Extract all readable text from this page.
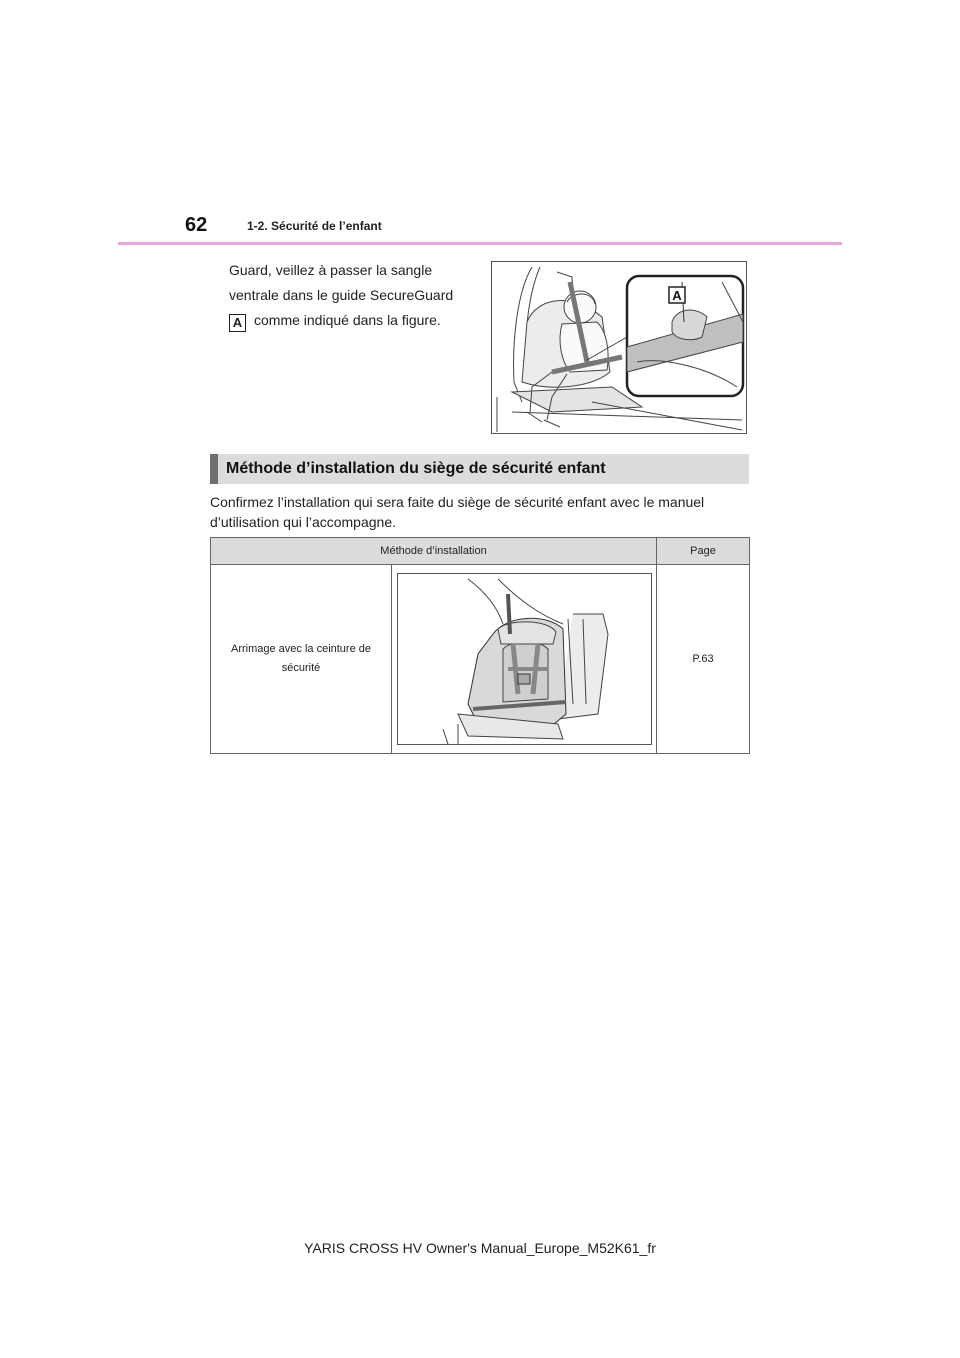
62	1-2. Sécurité de l’enfant

Guard, veillez à passer la sangle

ventrale dans le guide SecureGuard

A comme indiqué dans la figure.

A
Méthode d’installation du siège de sécurité enfant
Confirmez l’installation qui sera faite du siège de sécurité enfant avec le manuel d’utilisation qui l’accompagne.
Méthode d’installation		Page
Arrimage avec la ceinture de sécurité		P.63
YARIS CROSS HV Owner's Manual_Europe_M52K61_fr
